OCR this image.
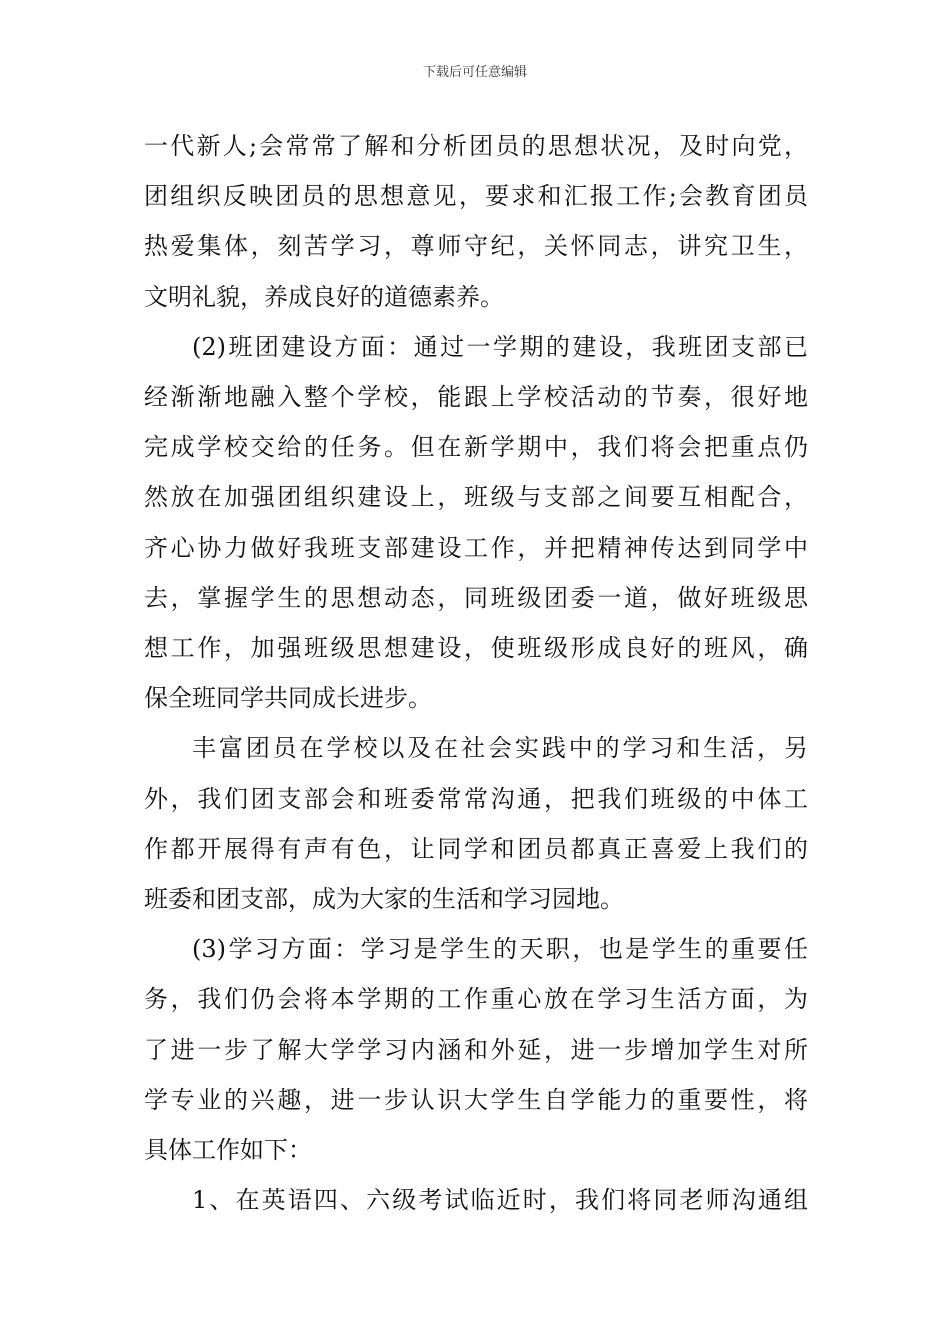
下载后可任意编辑
一代新人;会常常了解和分析团员的思想状况，及时向党，
团组织反映团员的思想意见，要求和汇报工作;会教育团员
热爱集体，刻苦学习，尊师守纪，关怀同志，讲究卫生，
文明礼貌，养成良好的道德素养。
(2)班团建设方面：通过一学期的建设，我班团支部已
经渐渐地融入整个学校，能跟上学校活动的节奏，很好地
完成学校交给的任务。但在新学期中，我们将会把重点仍
然放在加强团组织建设上，班级与支部之间要互相配合，
齐心协力做好我班支部建设工作，并把精神传达到同学中
去，掌握学生的思想动态，同班级团委一道，做好班级思
想工作，加强班级思想建设，使班级形成良好的班风，确
保全班同学共同成长进步。
丰富团员在学校以及在社会实践中的学习和生活，另
外，我们团支部会和班委常常沟通，把我们班级的中体工
作都开展得有声有色，让同学和团员都真正喜爱上我们的
班委和团支部，成为大家的生活和学习园地。
(3)学习方面：学习是学生的天职，也是学生的重要任
务，我们仍会将本学期的工作重心放在学习生活方面，为
了进一步了解大学学习内涵和外延，进一步增加学生对所
学专业的兴趣，进一步认识大学生自学能力的重要性，将
具体工作如下：
1、在英语四、六级考试临近时，我们将同老师沟通组
